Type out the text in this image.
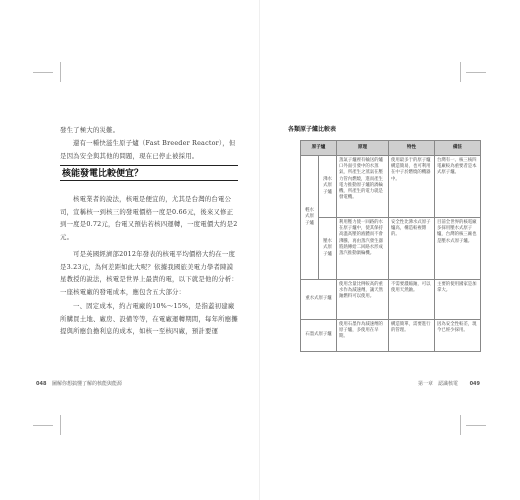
發生了極大的災難。

還有一種快滋生原子爐（Fast Breeder Reactor），但是因為安全與其他的問題，現在已停止被採用。

核能發電比較便宜？

核電業者的說法，核電是便宜的，尤其是台灣的台電公司，宣稱核一到核三的發電價格一度是0.66元，後來又修正到一度是0.72元，台電又預估若核四運轉，一度電價大約是2元。

可是英國經濟部2012年發表的核電平均價格大約在一度是3.23元，為何差距如此大呢？依據我國旅美電力學者陳謨星教授的說法，核電是世界上最貴的電，以下就是他的分析：一座核電廠的發電成本，應包含五大部分：

一、固定成本，約占電廠的10%～15%，是指蓋初建廠所購買土地、廠房、設備等等，在電廠運轉期間，每年所應攤提與所應負擔利息的成本，如核一至核四廠，預計要運

048 圖解你想搞懂了解的核能與能源	第一章　認識核電 049
各類原子爐比較表
原子爐		原理	特性	備註
輕水式原子爐	沸水式原子爐	蒸氣子爐裡有輸送的爐口外面引發中的水蒸氣，所產生之蒸氣在壓力管內燃燒，進而產生電力推動原子爐的渦輪機，所產生的電力就是發電機。	使用最多于的原子爐構造簡易，也可利用在中子於燃燒的機器中。	台灣有一、核三核四電廠較為重要者是本式原子爐。
	壓水式原子爐	利用壓力使一回路的水在原子爐中，使其保持高溫高壓的液體而不會沸騰，再由蒸汽發生器將熱傳給二回路水形成蒸汽推動渦輪機。	安全性比沸水式原子爐高，構造較複雜的。	目前全世界的核電廠多採用壓水式原子爐，台灣的核三廠也是壓水式原子爐。
重水式原子爐		使用含量比例較高的重水作為減速劑，讓天然鈾燃料可以使用。	不需要濃縮鈾，可以使用天然鈾。	主要的使用國家是加拿大。
石墨式原子爐		使用石墨作為減速劑的原子爐，多使用在早期。	構造簡單，需要進行的管理。	因為安全性較差，現今已經少採用。
